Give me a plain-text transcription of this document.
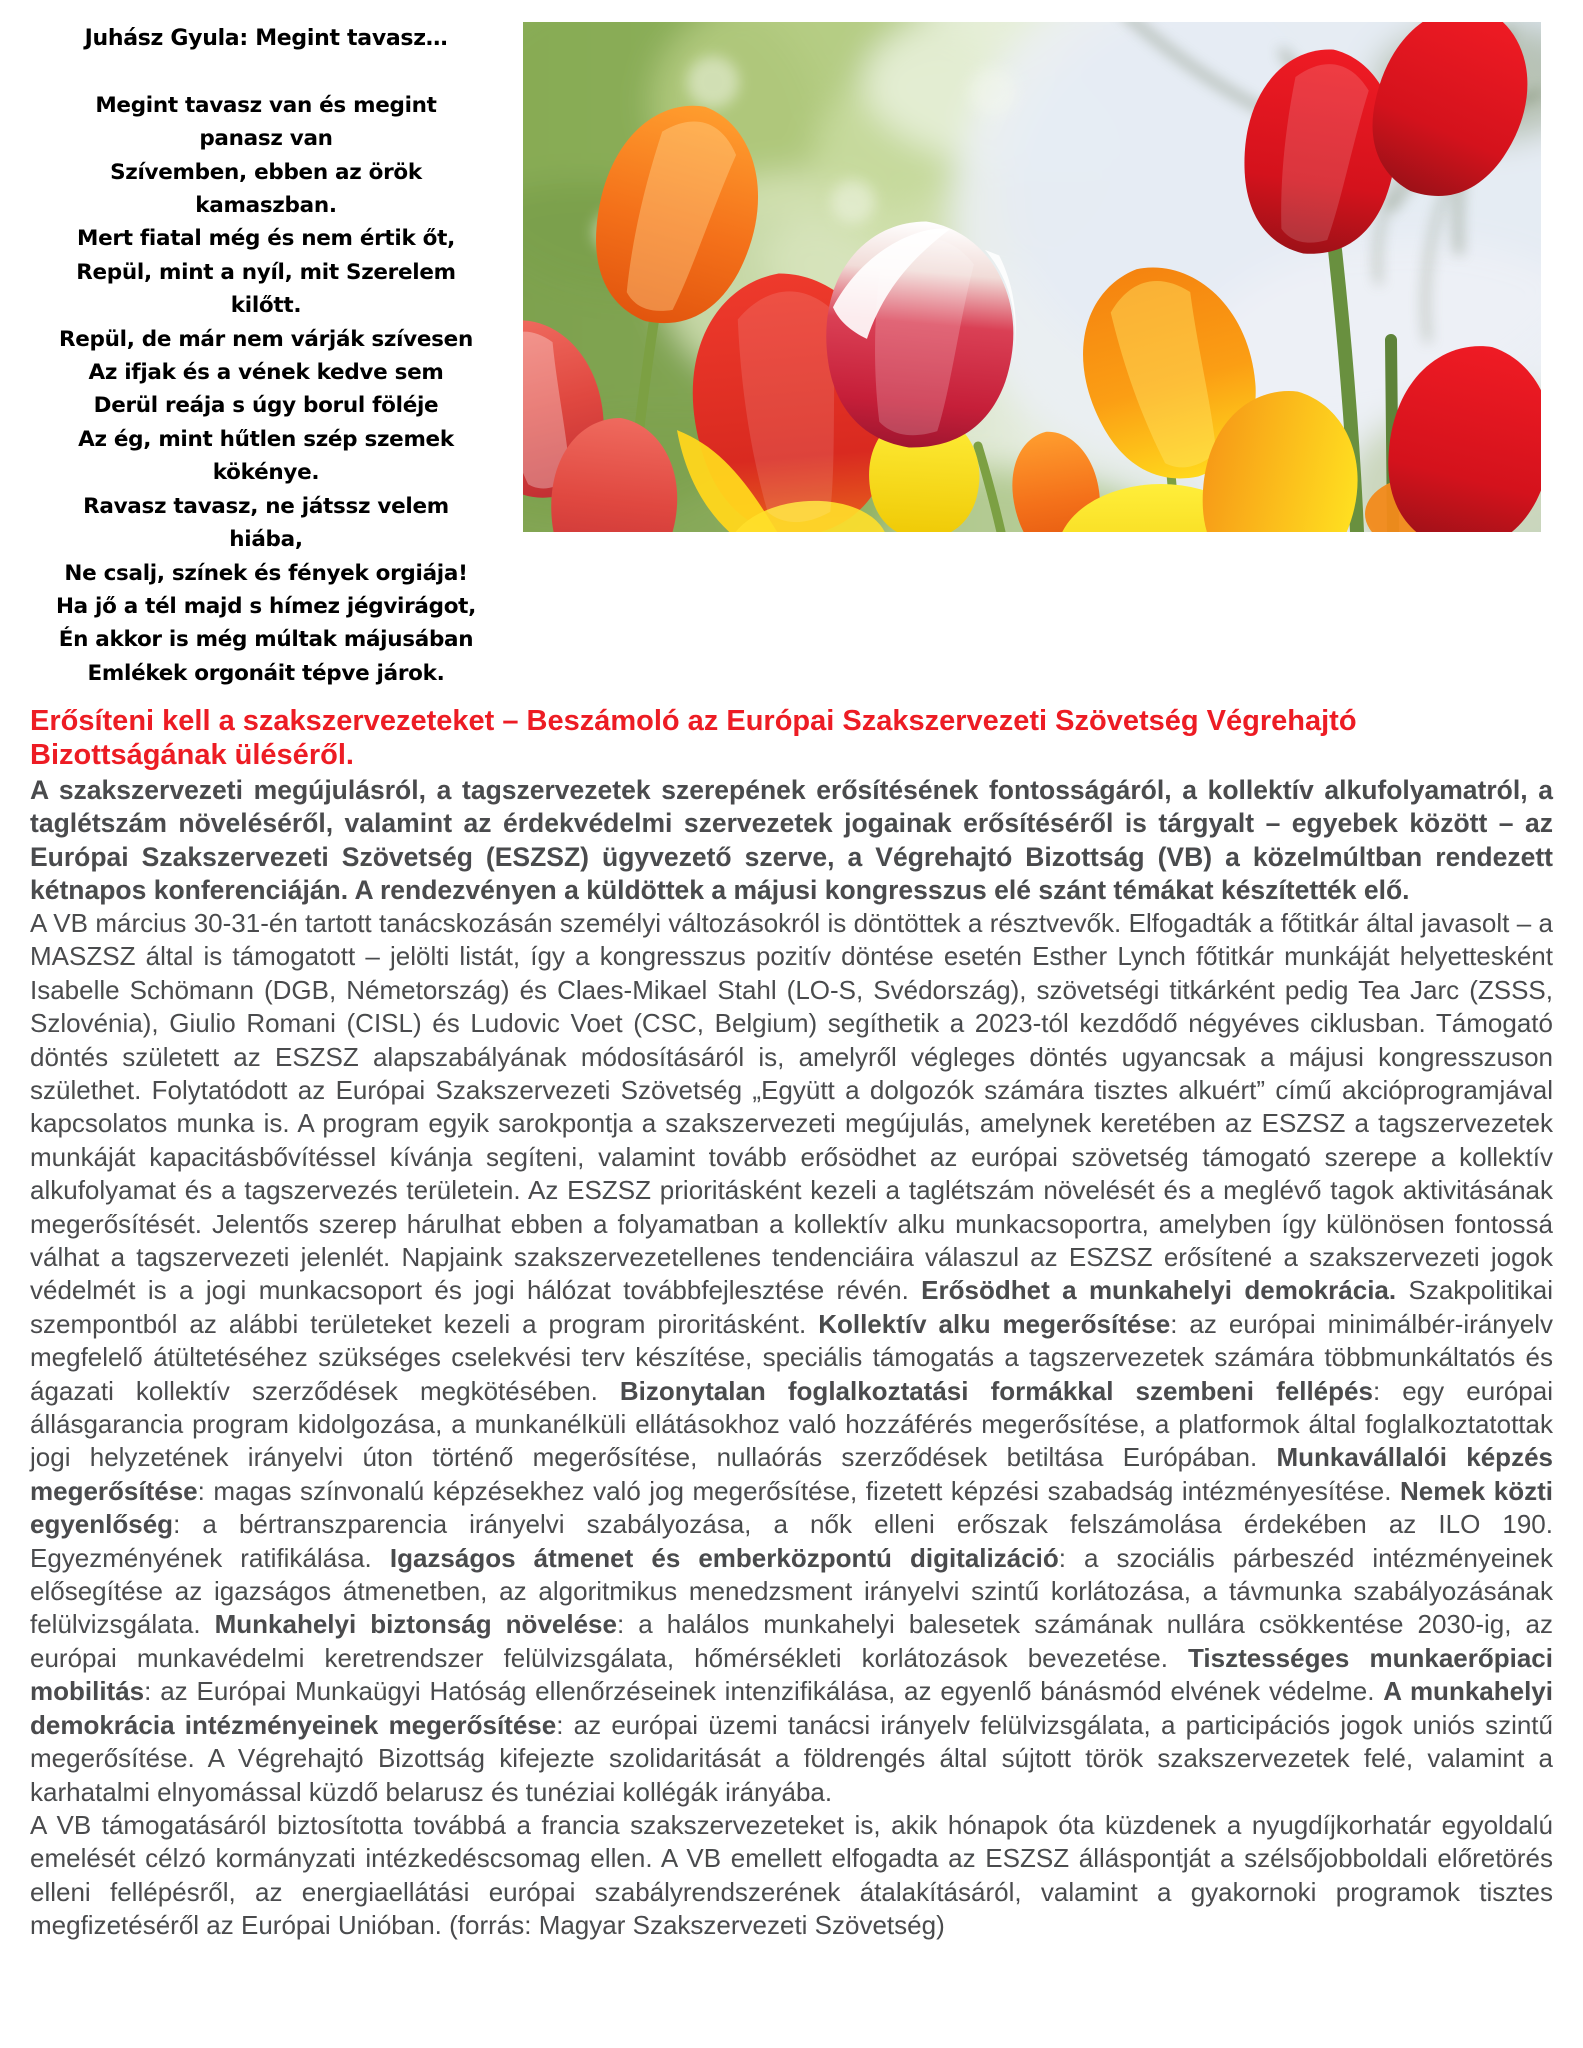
Juhász Gyula: Megint tavasz…

Megint tavasz van és megint
panasz van
Szívemben, ebben az örök
kamaszban.
Mert fiatal még és nem értik őt,
Repül, mint a nyíl, mit Szerelem
kilőtt.
Repül, de már nem várják szívesen
Az ifjak és a vének kedve sem
Derül reája s úgy borul föléje
Az ég, mint hűtlen szép szemek
kökénye.
Ravasz tavasz, ne játssz velem
hiába,
Ne csalj, színek és fények orgiája!
Ha jő a tél majd s hímez jégvirágot,
Én akkor is még múltak májusában
Emlékek orgonáit tépve járok.
Erősíteni kell a szakszervezeteket – Beszámoló az Európai Szakszervezeti Szövetség Végrehajtó Bizottságának üléséről.

A szakszervezeti megújulásról, a tagszervezetek szerepének erősítésének fontosságáról, a kollektív alkufolyamatról, a taglétszám növeléséről, valamint az érdekvédelmi szervezetek jogainak erősítéséről is tárgyalt – egyebek között – az Európai Szakszervezeti Szövetség (ESZSZ) ügyvezető szerve, a Végrehajtó Bizottság (VB) a közelmúltban rendezett kétnapos konferenciáján. A rendezvényen a küldöttek a májusi kongresszus elé szánt témákat készítették elő.

A VB március 30-31-én tartott tanácskozásán személyi változásokról is döntöttek a résztvevők. Elfogadták a főtitkár által javasolt – a MASZSZ által is támogatott – jelölti listát, így a kongresszus pozitív döntése esetén Esther Lynch főtitkár munkáját helyettesként Isabelle Schömann (DGB, Németország) és Claes-Mikael Stahl (LO-S, Svédország), szövetségi titkárként pedig Tea Jarc (ZSSS, Szlovénia), Giulio Romani (CISL) és Ludovic Voet (CSC, Belgium) segíthetik a 2023-tól kezdődő négyéves ciklusban. Támogató döntés született az ESZSZ alapszabályának módosításáról is, amelyről végleges döntés ugyancsak a májusi kongresszuson születhet. Folytatódott az Európai Szakszervezeti Szövetség „Együtt a dolgozók számára tisztes alkuért” című akcióprogramjával kapcsolatos munka is. A program egyik sarokpontja a szakszervezeti megújulás, amelynek keretében az ESZSZ a tagszervezetek munkáját kapacitásbővítéssel kívánja segíteni, valamint tovább erősödhet az európai szövetség támogató szerepe a kollektív alkufolyamat és a tagszervezés területein. Az ESZSZ prioritásként kezeli a taglétszám növelését és a meglévő tagok aktivitásának megerősítését. Jelentős szerep hárulhat ebben a folyamatban a kollektív alku munkacsoportra, amelyben így különösen fontossá válhat a tagszervezeti jelenlét. Napjaink szakszervezetellenes tendenciáira válaszul az ESZSZ erősítené a szakszervezeti jogok védelmét is a jogi munkacsoport és jogi hálózat továbbfejlesztése révén. Erősödhet a munkahelyi demokrácia. Szakpolitikai szempontból az alábbi területeket kezeli a program piroritásként. Kollektív alku megerősítése: az európai minimálbér-irányelv megfelelő átültetéséhez szükséges cselekvési terv készítése, speciális támogatás a tagszervezetek számára többmunkáltatós és ágazati kollektív szerződések megkötésében. Bizonytalan foglalkoztatási formákkal szembeni fellépés: egy európai állásgarancia program kidolgozása, a munkanélküli ellátásokhoz való hozzáférés megerősítése, a platformok által foglalkoztatottak jogi helyzetének irányelvi úton történő megerősítése, nullaórás szerződések betiltása Európában. Munkavállalói képzés megerősítése: magas színvonalú képzésekhez való jog megerősítése, fizetett képzési szabadság intézményesítése. Nemek közti egyenlőség: a bértranszparencia irányelvi szabályozása, a nők elleni erőszak felszámolása érdekében az ILO 190. Egyezményének ratifikálása. Igazságos átmenet és emberközpontú digitalizáció: a szociális párbeszéd intézményeinek elősegítése az igazságos átmenetben, az algoritmikus menedzsment irányelvi szintű korlátozása, a távmunka szabályozásának felülvizsgálata. Munkahelyi biztonság növelése: a halálos munkahelyi balesetek számának nullára csökkentése 2030-ig, az európai munkavédelmi keretrendszer felülvizsgálata, hőmérsékleti korlátozások bevezetése. Tisztességes munkaerőpiaci mobilitás: az Európai Munkaügyi Hatóság ellenőrzéseinek intenzifikálása, az egyenlő bánásmód elvének védelme. A munkahelyi demokrácia intézményeinek megerősítése: az európai üzemi tanácsi irányelv felülvizsgálata, a participációs jogok uniós szintű megerősítése. A Végrehajtó Bizottság kifejezte szolidaritását a földrengés által sújtott török szakszervezetek felé, valamint a karhatalmi elnyomással küzdő belarusz és tunéziai kollégák irányába.

A VB támogatásáról biztosította továbbá a francia szakszervezeteket is, akik hónapok óta küzdenek a nyugdíjkorhatár egyoldalú emelését célzó kormányzati intézkedéscsomag ellen. A VB emellett elfogadta az ESZSZ álláspontját a szélsőjobboldali előretörés elleni fellépésről, az energiaellátási európai szabályrendszerének átalakításáról, valamint a gyakornoki programok tisztes megfizetéséről az Európai Unióban. (forrás: Magyar Szakszervezeti Szövetség)
